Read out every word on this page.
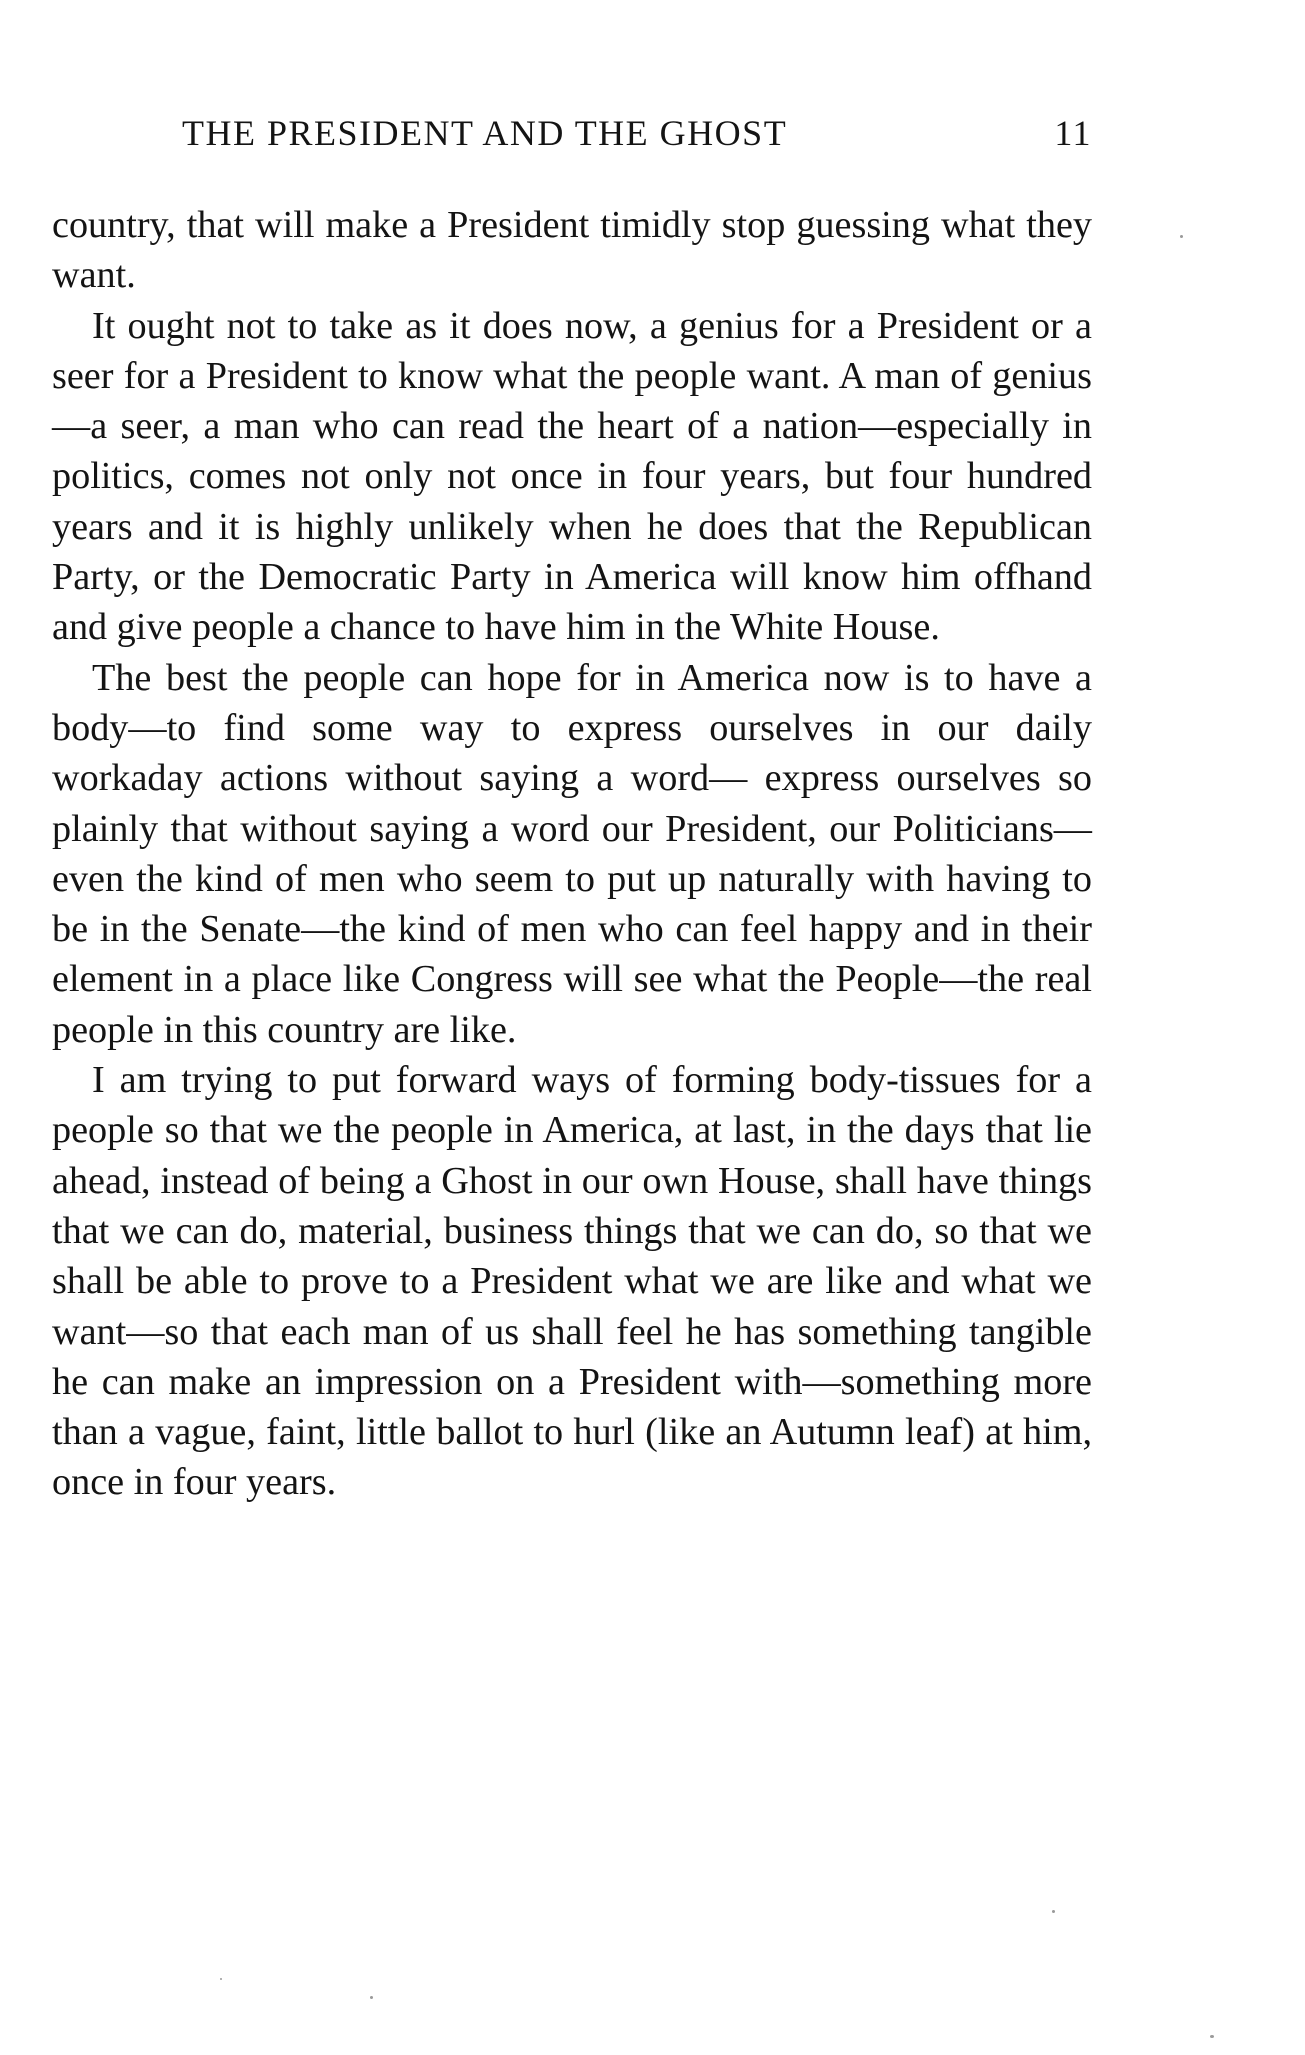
THE PRESIDENT AND THE GHOST	11

country, that will make a President timidly stop guessing what they want.

It ought not to take as it does now, a genius for a President or a seer for a President to know what the people want. A man of genius—a seer, a man who can read the heart of a nation—especially in politics, comes not only not once in four years, but four hundred years and it is highly unlikely when he does that the Republican Party, or the Democratic Party in America will know him offhand and give people a chance to have him in the White House.

The best the people can hope for in America now is to have a body—to find some way to express ourselves in our daily workaday actions without saying a word— express ourselves so plainly that without saying a word our President, our Politicians—even the kind of men who seem to put up naturally with having to be in the Senate—the kind of men who can feel happy and in their element in a place like Congress will see what the People—the real people in this country are like.

I am trying to put forward ways of forming body-tissues for a people so that we the people in America, at last, in the days that lie ahead, instead of being a Ghost in our own House, shall have things that we can do, material, business things that we can do, so that we shall be able to prove to a President what we are like and what we want—so that each man of us shall feel he has something tangible he can make an impression on a President with—something more than a vague, faint, little ballot to hurl (like an Autumn leaf) at him, once in four years.
